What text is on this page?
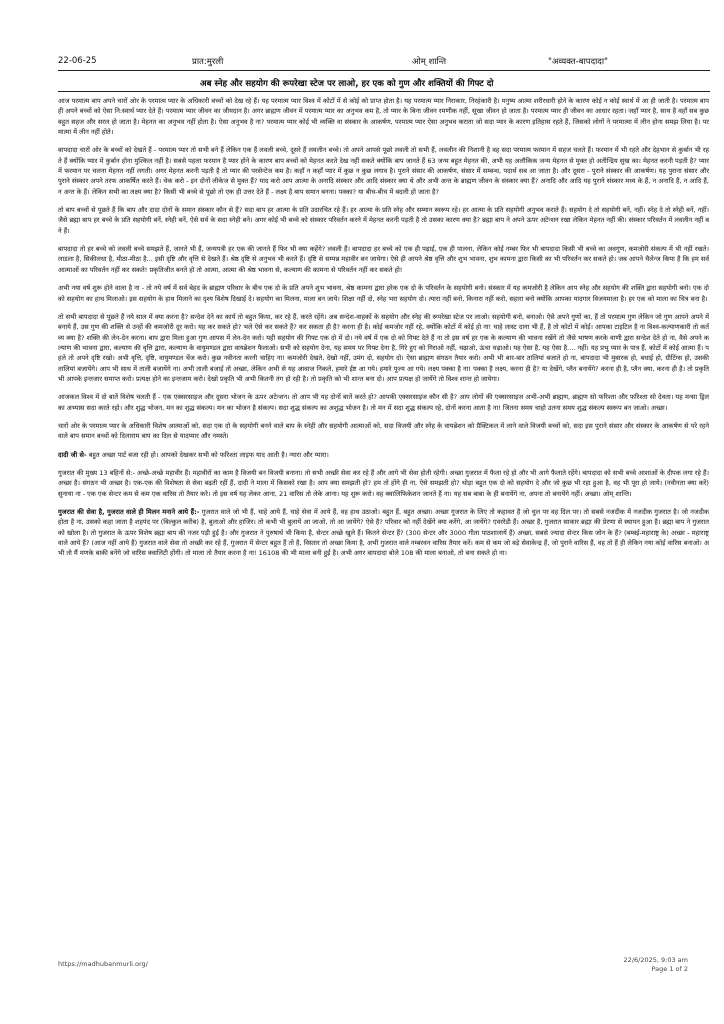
22-06-25	प्रात:मुरली	ओम् शान्ति	"अव्यक्त-बापदादा"
अब स्नेह और सहयोग की रूपरेखा स्टेज पर लाओ, हर एक को गुण और शक्तियों की गिफ्ट दो

आज परमात्म बाप अपने चारों ओर के परमात्म प्यार के अधिकारी बच्चों को देख रहे हैं। यह परमात्म प्यार विश्व में कोटों में से कोई को प्राप्त होता है। यह परमात्म प्यार निराकार, निरहंकारी है। मनुष्य आत्मा शरीरधारी होने के कारण कोई न कोई स्वार्थ में आ ही जाती है। परमात्म बाप ही अपने बच्चों को ऐसा नि:स्वार्थ प्यार देते हैं। परमात्म प्यार जीवन का जीयदान है। अगर ब्राह्मण जीवन में परमात्म प्यार का अनुभव कम है, तो प्यार के बिना जीवन रमणीक नहीं, सूखा जीवन हो जाता है। परमात्म प्यार ही जीवन का आधार रहता। जहाँ प्यार है, साथ है वहाँ सब कुछ बहुत सहज और सरल हो जाता है। मेहनत का अनुभव नहीं होता है। ऐसा अनुभव है ना? परमात्म प्यार कोई भी व्यक्ति वा संस्कार के आकर्षण, परमात्म प्यार ऐसा अनुभव कराता जो सदा प्यार के कारण इतिहास रहते हैं, जिसको लोगों ने परमात्मा में लीन होना समझ लिया है। परमात्मा में लीन नहीं होते।

बापदादा चारों ओर के बच्चों को देखते हैं - परमात्म प्यार तो सभी बने हैं लेकिन एक हैं लवली बच्चे, दूसरे हैं लवलीन बच्चे। तो अपने आपसे पूछो लवली तो सभी हैं, लवलीन की निशानी है वह सदा परमात्म फरमान में सहज चलते हैं। फरमान में भी रहते और देहभान से कुर्बान भी रहते हैं क्योंकि प्यार में कुर्बान होना मुश्किल नहीं है। सबसे पहला फरमान है प्यार होने के कारण बाप बच्चों को मेहनत करते देख नहीं सकते क्योंकि बाप जानते हैं 63 जन्म बहुत मेहनत की, अभी यह अलौकिक जन्म मेहनत से मुक्त हो अतीन्द्रिय सुख का। मेहनत करनी पड़ती है? प्यार में फरमान पर चलना मेहनत नहीं लगती। अगर मेहनत करनी पड़ती है तो प्यार की परसेन्टेज कम है। कहाँ न कहाँ प्यार में कुछ न कुछ लगाव है। पुराने संसार की आकर्षण, संसार में सम्बन्ध, पदार्थ सब आ जाता है। और दूसरा - पुराने संस्कार की आकर्षण। यह पुराना संसार और पुराने संस्कार अपने तरफ आकर्षित करते हैं। चेक करो - इन दोनों लीकेज से मुक्त हैं? याद करो आप आत्मा के अनादि संस्कार और आदि संस्कार क्या थे और अभी अन्त के ब्राह्मण जीवन के संस्कार क्या हैं? अनादि और आदि यह पुराने संस्कार मध्य के हैं, न अनादि हैं, न आदि हैं, न अन्त के हैं। लेकिन सभी का लक्ष्य क्या है? किसी भी बच्चे से पूछो तो एक ही उत्तर देते हैं - लक्ष्य है बाप समान बनना। पक्का? या बीच-बीच में बदली हो जाता है?

तो बाप बच्चों से पूछते हैं कि बाप और दादा दोनों के समान संस्कार कौन से हैं? सदा बाप हर आत्मा के प्रति उदारचित रहे हैं। हर आत्मा के प्रति स्नेह और सम्मान स्वरूप रहे। हर आत्मा के प्रति सहयोगी अनुभव कराते हैं। सहयोग दे तो सहयोगी बनें, नहीं। स्नेह दे तो स्नेही बनें, नहीं। जैसे ब्रह्मा बाप हर बच्चे के प्रति सहयोगी बनें, स्नेही बनें, ऐसे सर्व के सदा स्नेही बने। अगर कोई भी बच्चे को संस्कार परिवर्तन करने में मेहनत करनी पड़ती है तो उसका कारण क्या है? ब्रह्मा बाप ने अपने ऊपर अटेन्शन रखा लेकिन मेहनत नहीं की। संस्कार परिवर्तन में लवलीन नहीं बने हैं।

बापदादा तो हर बच्चे को लवली बच्चे समझते हैं, जानते भी हैं, जन्मपत्री हर एक की जानते हैं फिर भी क्या कहेंगे? लवली हैं। बापदादा हर बच्चे को एक ही पढ़ाई, एक ही पालना, लेकिन कोई नम्बर फिर भी बापदादा किसी भी बच्चे का अवगुण, कमजोरी संकल्प में भी नहीं रखते। लाडला है, सिकीलधा है, मीठा-मीठा है... इसी दृष्टि और वृत्ति से देखते हैं। श्रेष्ठ दृष्टि से अनुभव भी करते हैं। दृष्टि से सम्पन्न महावीर बन जायेगा। ऐसे ही आपने श्रेष्ठ वृत्ति और शुभ भावना, शुभ कामना द्वारा किसी का भी परिवर्तन कर सकते हो। जब आपने चैलेन्ज किया है कि हम सर्व आत्माओं का परिवर्तन नहीं कर सकते! प्रकृतिजीत बनते हो तो आत्मा, आत्मा की श्रेष्ठ भावना से, कल्याण की कामना से परिवर्तन नहीं कर सकते हो!

अभी नया वर्ष शुरू होने वाला है ना - तो नये वर्ष में सर्व बेहद के ब्राह्मण परिवार के बीच एक दो के प्रति अपने शुभ भावना, श्रेष्ठ कामना द्वारा हरेक एक दो के परिवर्तन के सहयोगी बनो। संस्कार में यह कमजोरी है लेकिन आप स्नेह और सहयोग की शक्ति द्वारा सहयोगी बनो। एक दो को सहयोग का हाथ मिलाओ। इस सहयोग के हाथ मिलाने का दृश्य विशेष दिखाई दे। सहयोग का मिलना, माला बन जाये। शिक्षा नहीं दो, स्नेह भरा सहयोग दो। त्यारा नहीं बनो, किनारा नहीं करो, सहारा बनो क्योंकि आपका यादगार विजयमाला है। हर एक को माला का चित्र बना है।

तो सभी बापदादा से पूछते हैं नये साल में क्या करना है? सन्देश देने का कार्य तो बहुत किया, कर रहे हैं, करते रहेंगे। अब सन्देश-वाहकों के सहयोग और स्नेह की रूपरेखा स्टेज पर लाओ। सहयोगी बनो, बनाओ। ऐसे अपने गुणों का, हैं तो परमात्म गुण लेकिन जो गुण आपने अपने में बनाये हैं, उस गुण की शक्ति से उन्हों की कमजोरी दूर करो। यह कर सकते हो? भले ऐसे कर सकते हैं? कर सकता ही है? करना ही है। कोई कमजोर नहीं रहे, क्योंकि कोटों में कोई हो ना! चाहे लास्ट दाना भी हैं, है तो कोटों में कोई। आपका टाइटिल है ना विश्व-कल्याणकारी तो कर्तव्य क्या है? शक्ति की लेन-देन करना। बाप द्वारा मिला हुआ गुण आपस में लेन-देन करो। यही सहयोग की गिफ्ट एक दो में दो। नये वर्ष में एक दो को गिफ्ट देते हैं ना तो इस वर्ष हर एक के कल्याण की भावना रखेंगे तो जैसे भाषण करके वाणी द्वारा सन्देश देते हो ना, वैसे अपने कल्याण की भावना द्वारा, कल्याण की वृत्ति द्वारा, कल्याण के वायुमण्डल द्वारा वायब्रेशन फैलाओ। सभी को सहयोग देना, यह समय पर गिफ्ट देना है, गिरे हुए को गिराओ नहीं, चढ़ाओ, ऊंचा चढ़ाओ। यह ऐसा है, यह ऐसा है.... नहीं। यह प्रभु प्यार के पात्र हैं, कोटों में कोई आत्मा हैं। पहले तो अपने दृष्टि रखो। अभी वृत्ति, दृष्टि, वायुमण्डल चेंज करो। कुछ नवीनता करनी चाहिए ना! कमजोरी देखते, देखो नहीं, उमंग दो, सहयोग दो। ऐसा ब्राह्मण संगठन तैयार करो। अभी भी बार-बार तालियां बजाते हो ना, बापदादा भी मुबारक हो, बधाई हो, ग्रीटिंग्स हो, उसकी तालियां बजायेंगे। आप भी साथ में ताली बजायेंगे ना। अभी ताली बजाई तो अच्छा, लेकिन अभी से यह आवाज निकले, हमारे ईष्ट आ गये। हमारे पूज्य आ गये। लक्ष्य पक्का है ना! पक्का है लक्ष्य, करना ही है? या देखेंगे, प्लैन बनायेंगे? करना ही है, प्लैन क्या, करना ही है। तो प्रकृति भी आपके इन्तजार समाप्त करो। प्रत्यक्ष होने का इन्तजाम करो। देखो प्रकृति भी अभी कितनी तंग हो रही है। तो प्रकृति को भी शान्त बना दो। आप प्रत्यक्ष हो जायेंगे तो विश्व शान्त हो जायेगा।

आजकल विश्व में दो बातें विशेष चलती हैं - एक एक्सरसाइज और दूसरा भोजन के ऊपर अटेन्शन। तो आप भी यह दोनों बातें करते हो? आपकी एक्सरसाइज कौन सी है? आप लोगों की एक्सरसाइज अभी-अभी ब्राह्मण, ब्राह्मण सो फरिश्ता और फरिश्ता सो देवता। यह मन्सा ड्रिल का अभ्यास सदा करते रहो। और शुद्ध भोजन, मन का शुद्ध संकल्प। मन का भोजन है संकल्प। सदा शुद्ध संकल्प का अशुद्ध भोजन है। तो मन में सदा शुद्ध संकल्प रहे, दोनों करना आता है ना! जितना समय चाहो उतना समय शुद्ध संकल्प स्वरूप बन जाओ। अच्छा।

चारों ओर के परमात्म प्यार के अधिकारी विशेष आत्माओं को, सदा एक दो के सहयोगी बनने वाले बाप के स्नेही और सहयोगी आत्माओं को, सदा विजयी और स्नेह के वायब्रेशन को प्रैक्टिकल में लाने वाले विजयी बच्चों को, सदा इस पुराने संसार और संस्कार के आकर्षण से परे रहने वाले बाप समान बच्चों को दिलाराम बाप का दिल से यादप्यार और नमस्ते।

दादी जी से- बहुत अच्छा पार्ट बजा रही हो। आपको देखकर सभी को फरिश्ता लाइफ याद आती है। न्यारा और प्यारा।

गुजरात की मुख्य 13 बहिनों से:- अच्छे-अच्छे महावीर हैं। महावीरों का काम है विजयी बन विजयी बनाना। तो सभी अच्छी सेवा कर रहे हैं और आगे भी सेवा होती रहेगी। अच्छा गुजरात में फैला रहे हो और भी आगे फैलाते रहेंगे। बापदादा को सभी बच्चे आशाओं के दीपक लगा रहे हैं। अच्छा है। संगठन भी अच्छा है। एक-एक की विशेषता से सेवा बढ़ती रहीं हैं, दादी ने माला में किसको रखा है। आप क्या समझती हो? हम तो होंगे ही ना, ऐसे समझती हो? थोड़ा बहुत एक दो को सहयोग दे और जो कुछ भी रहा हुआ है, वह भी पूरा हो जाये। (नवीनता क्या करें) सुनाया ना - एक एक सेन्टर कम से कम एक वारिस तो तैयार करे। तो इस वर्ष यह लेकर आना, 21 वारिस तो लेके आना। यह शुरू करो। वह क्वालिफिकेशन जानते हैं ना। यह सब बाबा के ही बनायेंगे ना, अपना तो बनायेंगे नहीं। अच्छा। ओम् शान्ति।

गुजरात की सेवा है, गुजरात वाले ही मिलन मनाने आये हैं:- गुजरात वाले जो भी हैं, चाहे आये हैं, चाहे सेवा में आये हैं, वह हाथ उठाओ। बहुत हैं, बहुत अच्छा। अच्छा गुजरात के लिए तो कहावत है जो चुल पर वह दिल पर। तो सबसे नजदीक में नजदीक गुजरात है। जो नजदीक होता है ना, उसको कहा जाता है शहपंद पर (बिल्कुल करीब) है, बुलाओ और हाजिर। तो कभी भी बुलायें आ जाओ, तो आ जायेंगे? ऐसे है? परिवार को नहीं देखेंगे क्या करेंगे, आ जायेंगे? एवररेडी हैं। अच्छा है, गुजरात साकार ब्रह्मा की प्रेरणा से स्थापन हुआ है। ब्रह्मा बाप ने गुजरात को खोला है। तो गुजरात के ऊपर विशेष ब्रह्मा बाप की नजर पड़ी हुई है। और गुजरात ने पुरुषार्थ भी किया है, सेन्टर अच्छे खुले हैं। कितने सेन्टर हैं? (300 सेन्टर और 3000 गीता पाठशालायें हैं) अच्छा, सबसे ज्यादा सेन्टर किस जोन के हैं? (बम्बई-महाराष्ट्र के) अच्छा - महाराष्ट्र वाले आये हैं? (आज नहीं आये हैं) गुजरात वाले सेवा तो अच्छी कर रहे हैं, गुजरात में सेन्टर बहुत हैं तो है, विस्तार तो अच्छा किया है, अभी गुजरात वाले नम्बरवन वारिस तैयार करें। कम से कम जो बड़े सेवाकेन्द्र हैं, जो पुराने वारिस हैं, वह तो हैं ही लेकिन नया कोई वारिस बनाओ। अभी तो मैं मणके बाकी बनेंगे जो वारिस क्वालिटी होंगी। तो माला तो तैयार करना है ना! 16108 की भी माला बनी हुई है। अभी अगर बापदादा बोले 108 की माला बनाओ, तो बना सकते हो ना।

https://madhubanmurli.org/	22/6/2025, 9:03 am
Page 1 of 2
